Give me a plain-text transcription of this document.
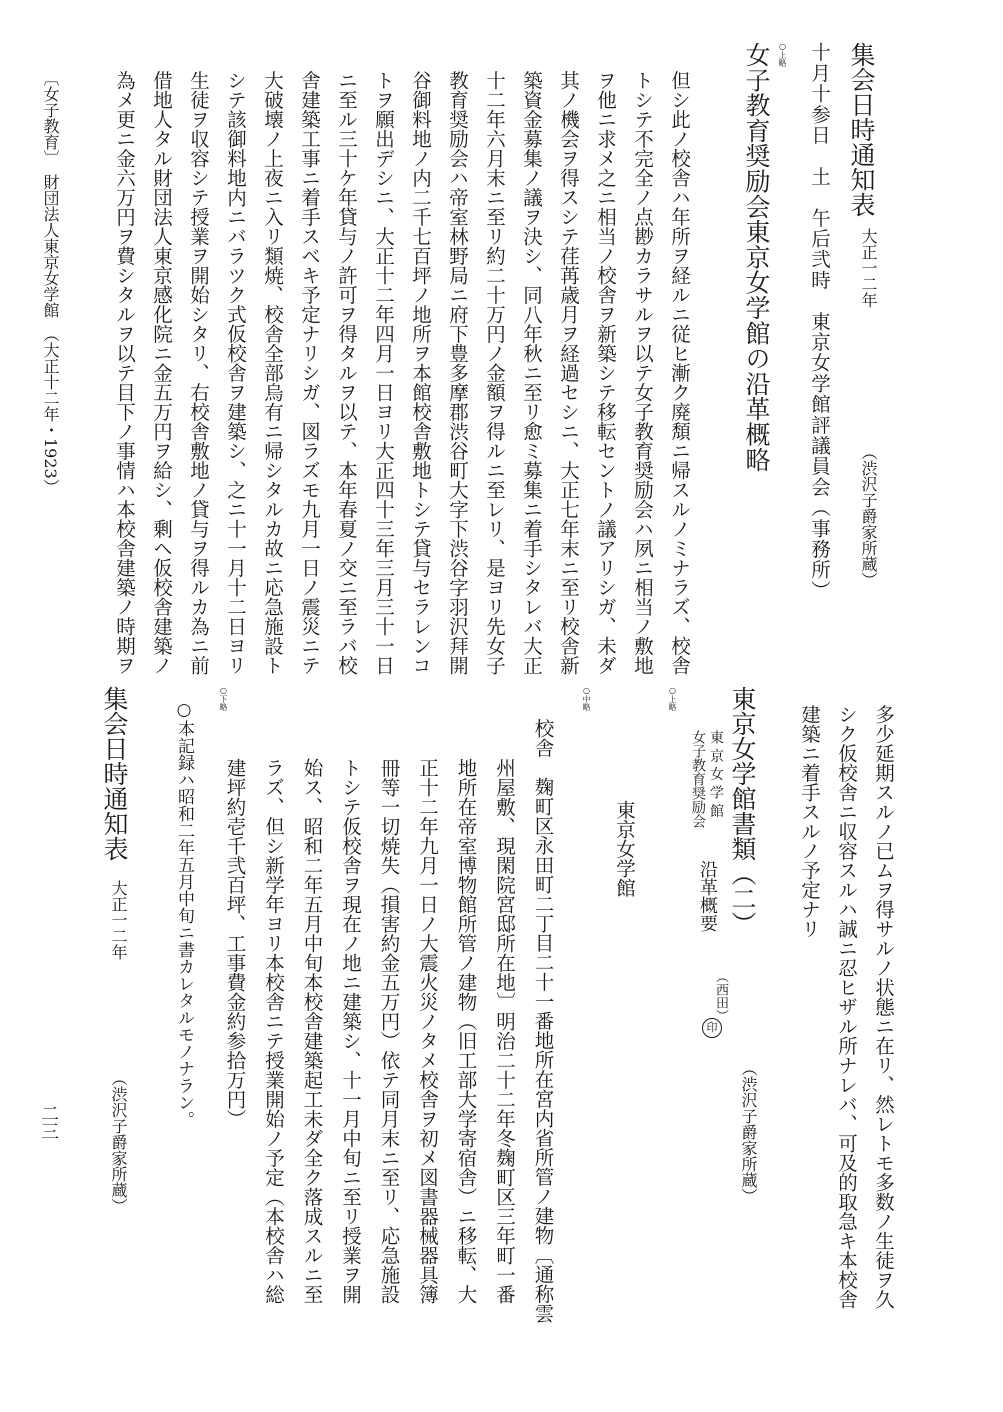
集会日時通知表
大正一二年
（渋沢子爵家所蔵）
十月十参日　土　午后弐時　東京女学館評議員会（事務所）
○上略
女子教育奨励会東京女学館の沿革概略

但シ此ノ校舎ハ年所ヲ経ルニ従ヒ漸ク廃頽ニ帰スルノミナラズ、校舎
トシテ不完全ノ点尠カラサルヲ以テ女子教育奨励会ハ夙ニ相当ノ敷地
ヲ他ニ求メ之ニ相当ノ校舎ヲ新築シテ移転セントノ議アリシガ、未ダ
其ノ機会ヲ得スシテ荏苒歳月ヲ経過セシニ、大正七年末ニ至リ校舎新
築資金募集ノ議ヲ決シ、同八年秋ニ至リ愈ミ募集ニ着手シタレバ大正
十二年六月末ニ至リ約二十万円ノ金額ヲ得ルニ至レリ、是ヨリ先女子
教育奨励会ハ帝室林野局ニ府下豊多摩郡渋谷町大字下渋谷字羽沢拜開
谷御料地ノ内二千七百坪ノ地所ヲ本館校舎敷地トシテ貸与セラレンコ
トヲ願出デシニ、大正十二年四月一日ヨリ大正四十三年三月三十一日
ニ至ル三十ケ年貸与ノ許可ヲ得タルヲ以テ、本年春夏ノ交ニ至ラバ校
舎建築工事ニ着手スベキ予定ナリシガ、図ラズモ九月一日ノ震災ニテ
大破壊ノ上夜ニ入リ類焼、校舎全部烏有ニ帰シタルカ故ニ応急施設ト
シテ該御料地内ニバラツク式仮校舎ヲ建築シ、之ニ十一月十二日ヨリ
生徒ヲ収容シテ授業ヲ開始シタリ、右校舎敷地ノ貸与ヲ得ルカ為ニ前
借地人タル財団法人東京感化院ニ金五万円ヲ給シ、剰ヘ仮校舎建築ノ
為メ更ニ金六万円ヲ費シタルヲ以テ目下ノ事情ハ本校舎建築ノ時期ヲ

〔女子教育〕　財団法人東京女学館　（大正十二年・1923）

多少延期スルノ已ムヲ得サルノ状態ニ在リ、然レトモ多数ノ生徒ヲ久
シク仮校舎ニ収容スルハ誠ニ忍ヒザル所ナレバ、可及的取急キ本校舎
建築ニ着手スルノ予定ナリ

東京女学館書類（二）
（渋沢子爵家所蔵）
○上略
女子教育奨励会 東 京 女 学 館
沿革概要
（西田）
印
東京女学館
○中略

校舎　麹町区永田町二丁目二十一番地所在宮内省所管ノ建物〔通称雲
州屋敷、現閑院宮邸所在地〕明治二十二年冬麹町区三年町一番
地所在帝室博物館所管ノ建物（旧工部大学寄宿舎）ニ移転、大
正十二年九月一日ノ大震火災ノタメ校舎ヲ初メ図書器械器具簿
冊等一切焼失（損害約金五万円）依テ同月末ニ至リ、応急施設
トシテ仮校舎ヲ現在ノ地ニ建築シ、十一月中旬ニ至リ授業ヲ開
始ス、昭和二年五月中旬本校舎建築起工未ダ全ク落成スルニ至
ラズ、但シ新学年ヨリ本校舎ニテ授業開始ノ予定（本校舎ハ総
建坪約壱千弐百坪、工事費金約参拾万円）

○下略
○本記録ハ昭和二年五月中旬ニ書カレタルモノナラン。
集会日時通知表
大正一二年
（渋沢子爵家所蔵）
二三
